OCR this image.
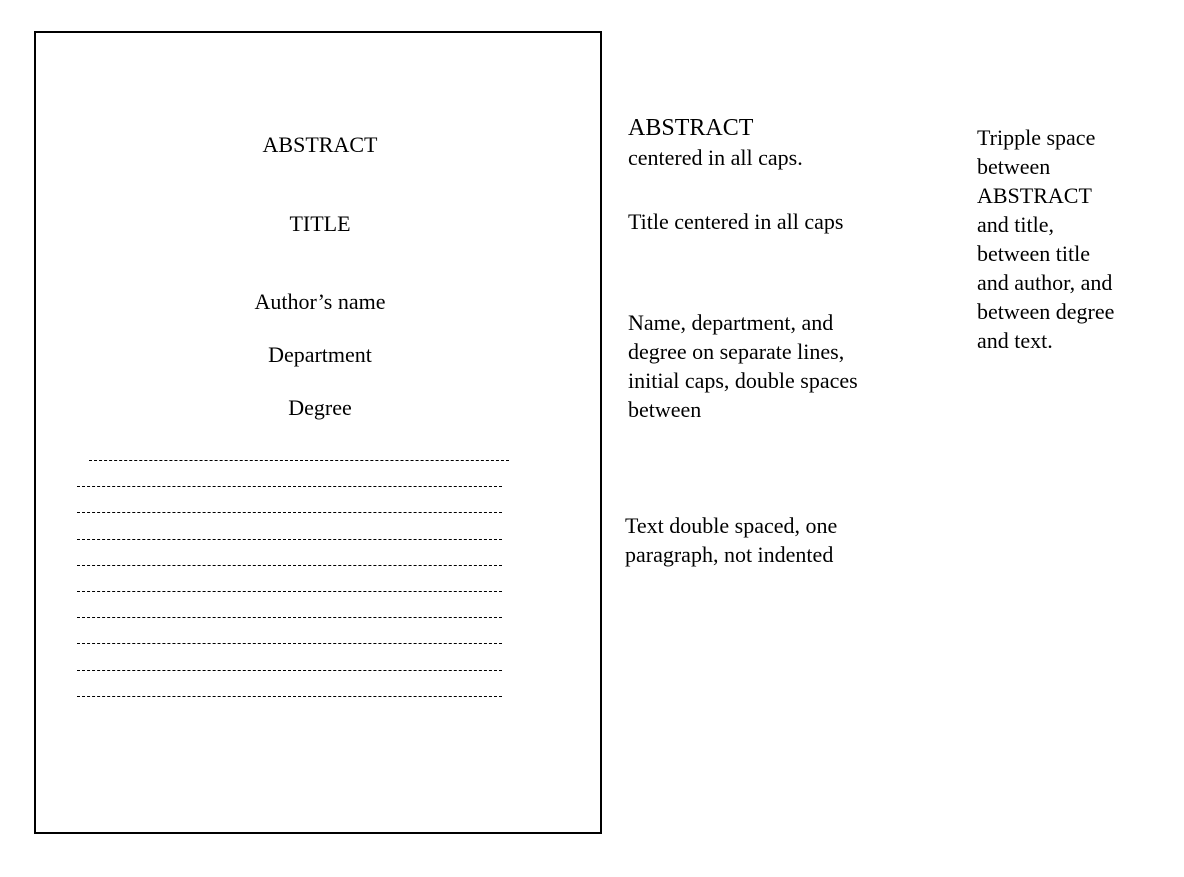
ABSTRACT
TITLE
Author’s name
Department
Degree
ABSTRACT
centered in all caps.
Title centered in all caps
Name, department, and
degree on separate lines,
initial caps, double spaces
between
Text double spaced, one
paragraph, not indented
Tripple space
between
ABSTRACT
and title,
between title
and author, and
between degree
and text.
